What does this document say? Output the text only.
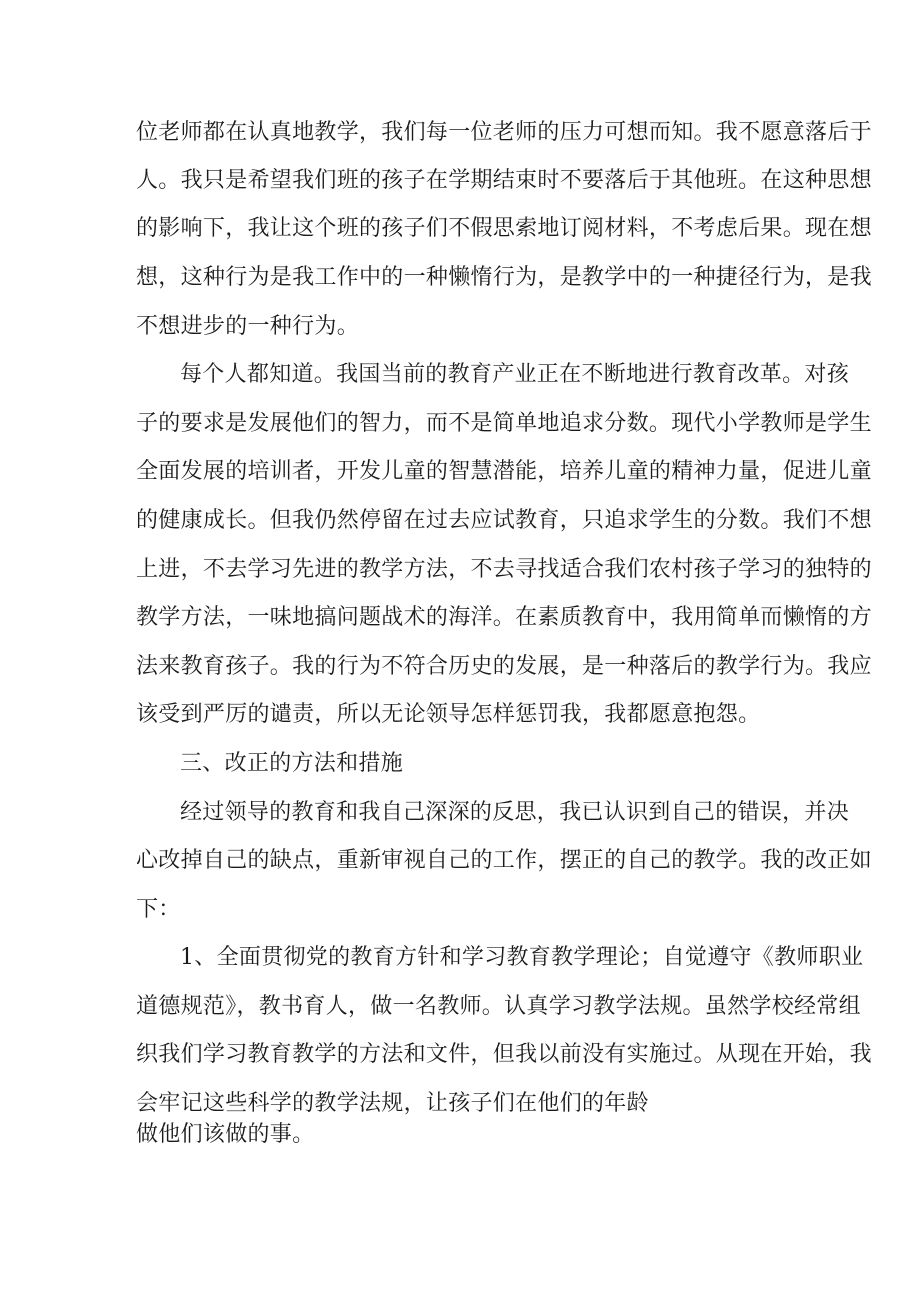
位老师都在认真地教学，我们每一位老师的压力可想而知。我不愿意落后于
人。我只是希望我们班的孩子在学期结束时不要落后于其他班。在这种思想
的影响下，我让这个班的孩子们不假思索地订阅材料，不考虑后果。现在想
想，这种行为是我工作中的一种懒惰行为，是教学中的一种捷径行为，是我
不想进步的一种行为。
每个人都知道。我国当前的教育产业正在不断地进行教育改革。对孩
子的要求是发展他们的智力，而不是简单地追求分数。现代小学教师是学生
全面发展的培训者，开发儿童的智慧潜能，培养儿童的精神力量，促进儿童
的健康成长。但我仍然停留在过去应试教育，只追求学生的分数。我们不想
上进，不去学习先进的教学方法，不去寻找适合我们农村孩子学习的独特的
教学方法，一味地搞问题战术的海洋。在素质教育中，我用简单而懒惰的方
法来教育孩子。我的行为不符合历史的发展，是一种落后的教学行为。我应
该受到严厉的谴责，所以无论领导怎样惩罚我，我都愿意抱怨。
三、改正的方法和措施
经过领导的教育和我自己深深的反思，我已认识到自己的错误，并决
心改掉自己的缺点，重新审视自己的工作，摆正的自己的教学。我的改正如
下：
1、全面贯彻党的教育方针和学习教育教学理论；自觉遵守《教师职业
道德规范》，教书育人，做一名教师。认真学习教学法规。虽然学校经常组
织我们学习教育教学的方法和文件，但我以前没有实施过。从现在开始，我
会牢记这些科学的教学法规，让孩子们在他们的年龄
做他们该做的事。
